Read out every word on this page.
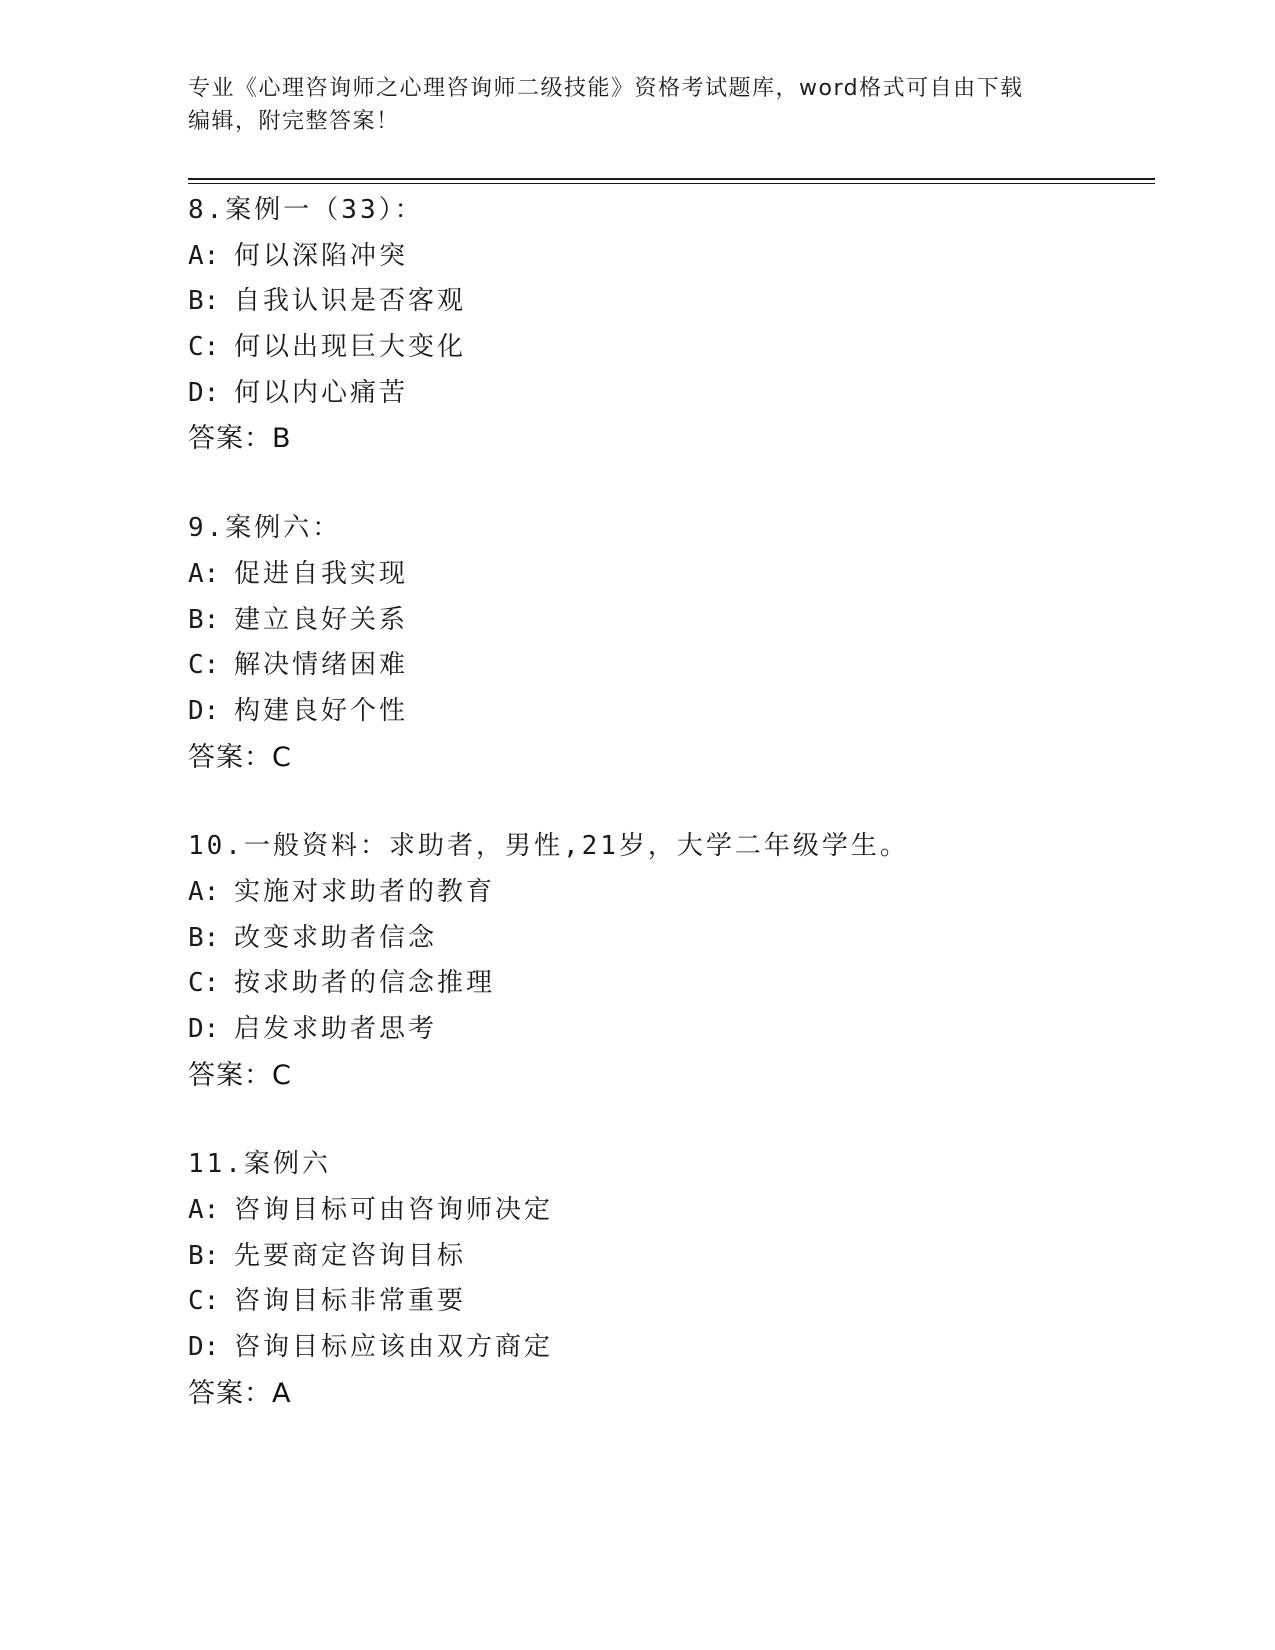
专业《心理咨询师之心理咨询师二级技能》资格考试题库，word格式可自由下载
编辑，附完整答案！
8.案例一（33）：
A: 何以深陷冲突
B: 自我认识是否客观
C: 何以出现巨大变化
D: 何以内心痛苦
答案：B
9.案例六：
A: 促进自我实现
B: 建立良好关系
C: 解决情绪困难
D: 构建良好个性
答案：C
10.一般资料：求助者，男性,21岁，大学二年级学生。
A: 实施对求助者的教育
B: 改变求助者信念
C: 按求助者的信念推理
D: 启发求助者思考
答案：C
11.案例六
A: 咨询目标可由咨询师决定
B: 先要商定咨询目标
C: 咨询目标非常重要
D: 咨询目标应该由双方商定
答案：A
